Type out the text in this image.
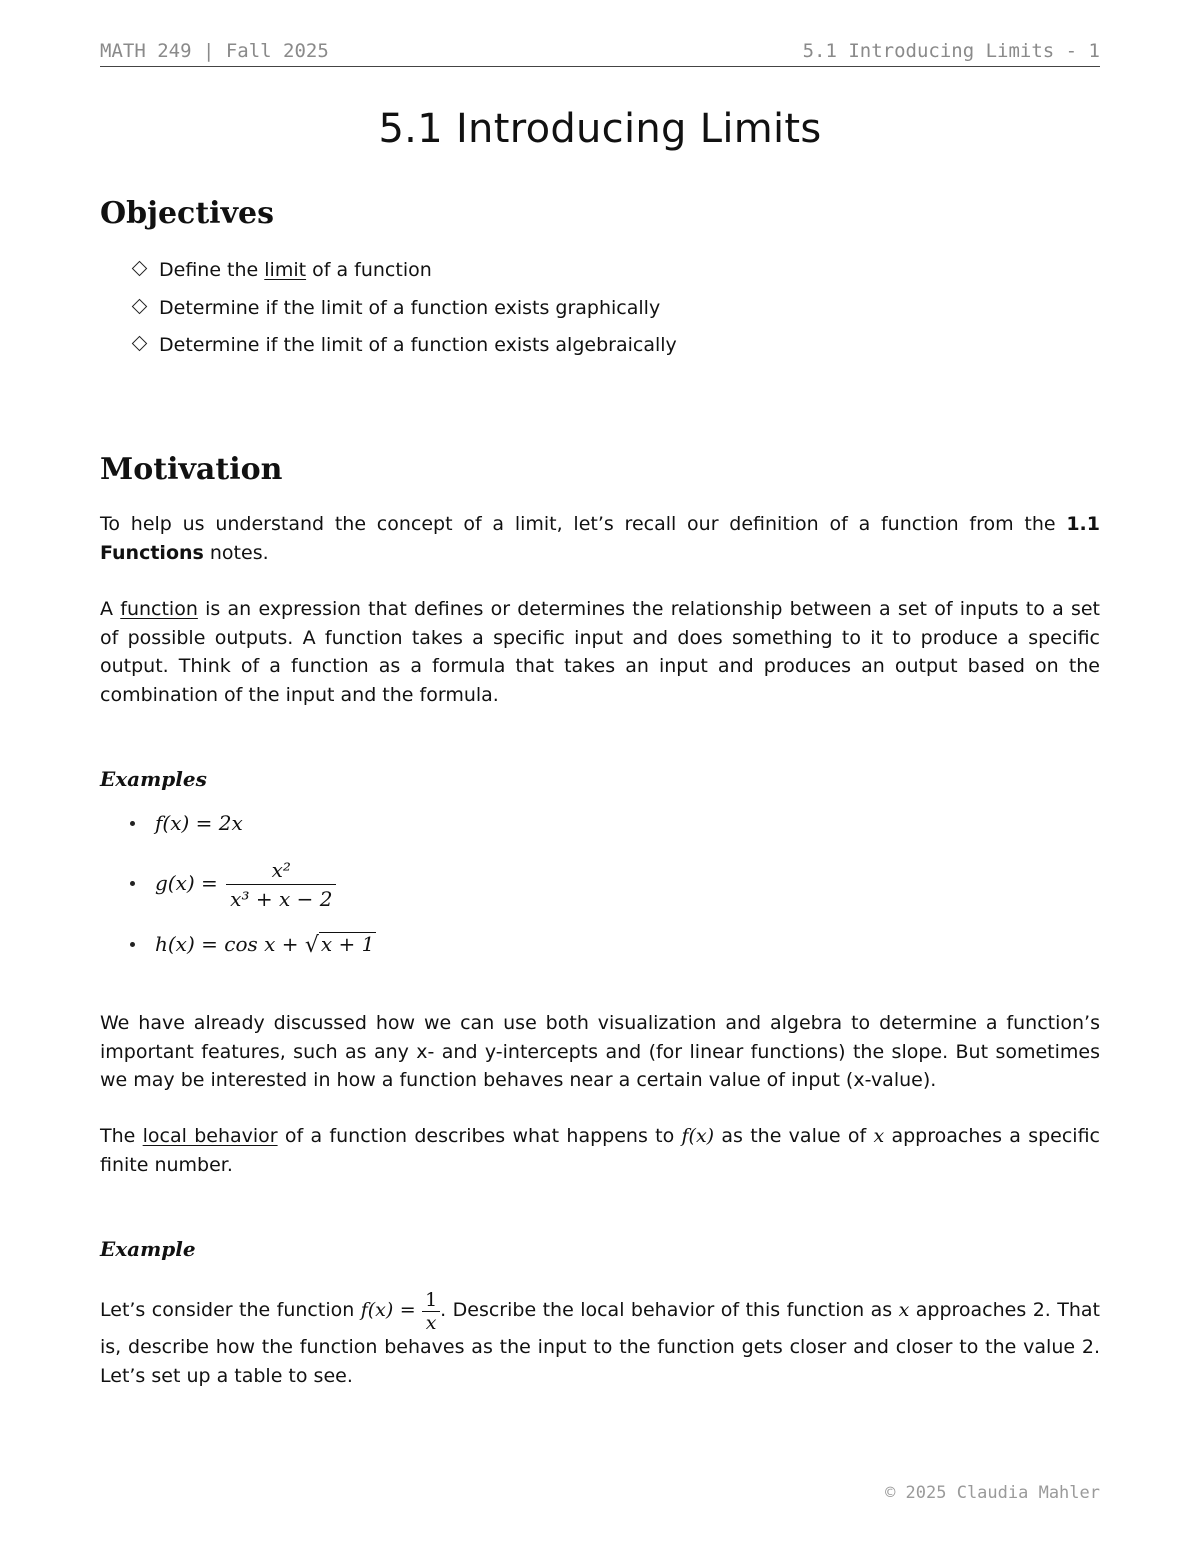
MATH 249 | Fall 2025	5.1 Introducing Limits - 1
5.1 Introducing Limits
Objectives
Define the limit of a function
Determine if the limit of a function exists graphically
Determine if the limit of a function exists algebraically
Motivation

To help us understand the concept of a limit, let’s recall our definition of a function from the 1.1 Functions notes.

A function is an expression that defines or determines the relationship between a set of inputs to a set of possible outputs. A function takes a specific input and does something to it to produce a specific output. Think of a function as a formula that takes an input and produces an output based on the combination of the input and the formula.

Examples
f(x) = 2x
$g(x) = \frac{\text{x²}}{\text{x³ + x − 2}}$
h(x) = cos x + √ x + 1

We have already discussed how we can use both visualization and algebra to determine a function’s important features, such as any x- and y-intercepts and (for linear functions) the slope. But sometimes we may be interested in how a function behaves near a certain value of input (x-value).

The local behavior of a function describes what happens to f(x) as the value of x approaches a specific finite number.

Example

Let’s consider the function $f(x) = \frac{1}{x}$ . Describe the local behavior of this function as x approaches 2. That is, describe how the function behaves as the input to the function gets closer and closer to the value 2. Let’s set up a table to see.

© 2025 Claudia Mahler
